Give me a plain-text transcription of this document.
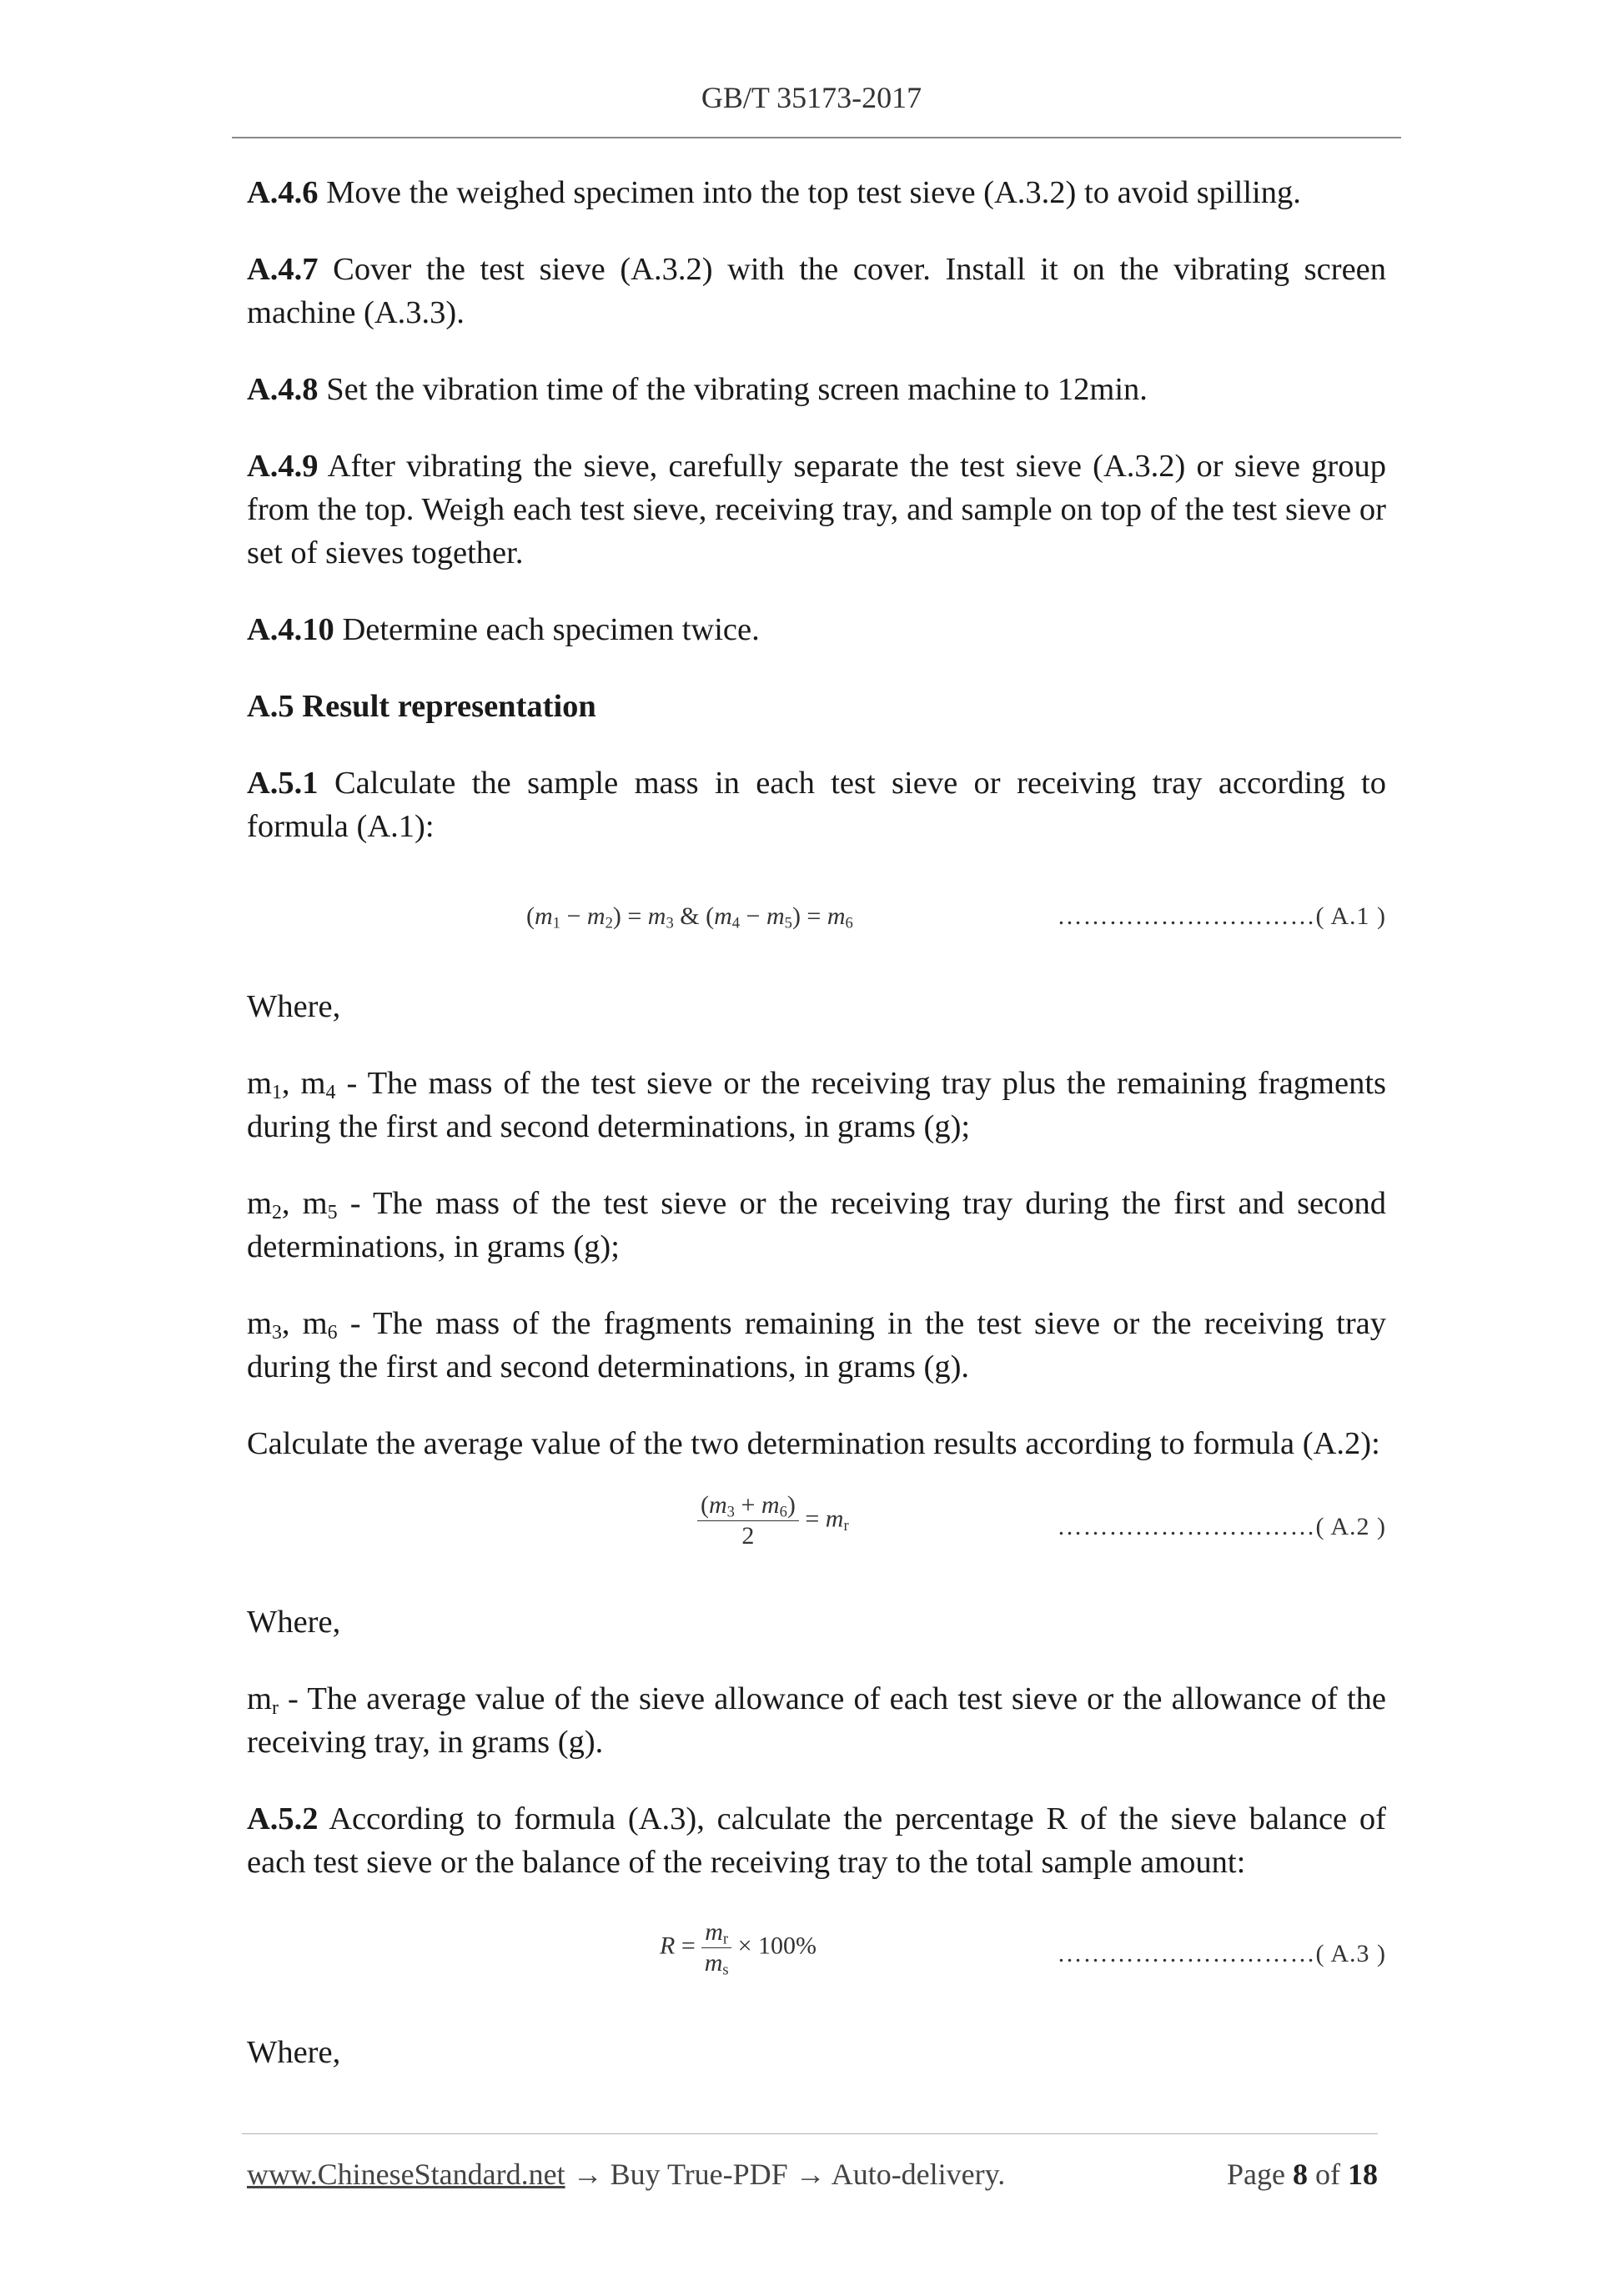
GB/T 35173-2017

A.4.6 Move the weighed specimen into the top test sieve (A.3.2) to avoid spilling.

A.4.7 Cover the test sieve (A.3.2) with the cover. Install it on the vibrating screen machine (A.3.3).

A.4.8 Set the vibration time of the vibrating screen machine to 12min.

A.4.9 After vibrating the sieve, carefully separate the test sieve (A.3.2) or sieve group from the top. Weigh each test sieve, receiving tray, and sample on top of the test sieve or set of sieves together.

A.4.10 Determine each specimen twice.

A.5 Result representation

A.5.1 Calculate the sample mass in each test sieve or receiving tray according to formula (A.1):

$(m_1 - m_2) = m_3$ & $(m_4 - m_5) = m_6$	…………………………( A.1 )

Where,

$m_1$, $m_4$ - The mass of the test sieve or the receiving tray plus the remaining fragments during the first and second determinations, in grams (g);

$m_2$, $m_5$ - The mass of the test sieve or the receiving tray during the first and second determinations, in grams (g);

$m_3$, $m_6$ - The mass of the fragments remaining in the test sieve or the receiving tray during the first and second determinations, in grams (g).

Calculate the average value of the two determination results according to formula (A.2):

$\frac{(m_3 + m_6)}{2} = m_r$	…………………………( A.2 )

Where,

$m_r$ - The average value of the sieve allowance of each test sieve or the allowance of the receiving tray, in grams (g).

A.5.2 According to formula (A.3), calculate the percentage R of the sieve balance of each test sieve or the balance of the receiving tray to the total sample amount:

$R = \frac{m_r}{m_s} \times 100\%$	…………………………( A.3 )

Where,

www.ChineseStandard.net → Buy True-PDF → Auto-delivery.	Page 8 of 18
